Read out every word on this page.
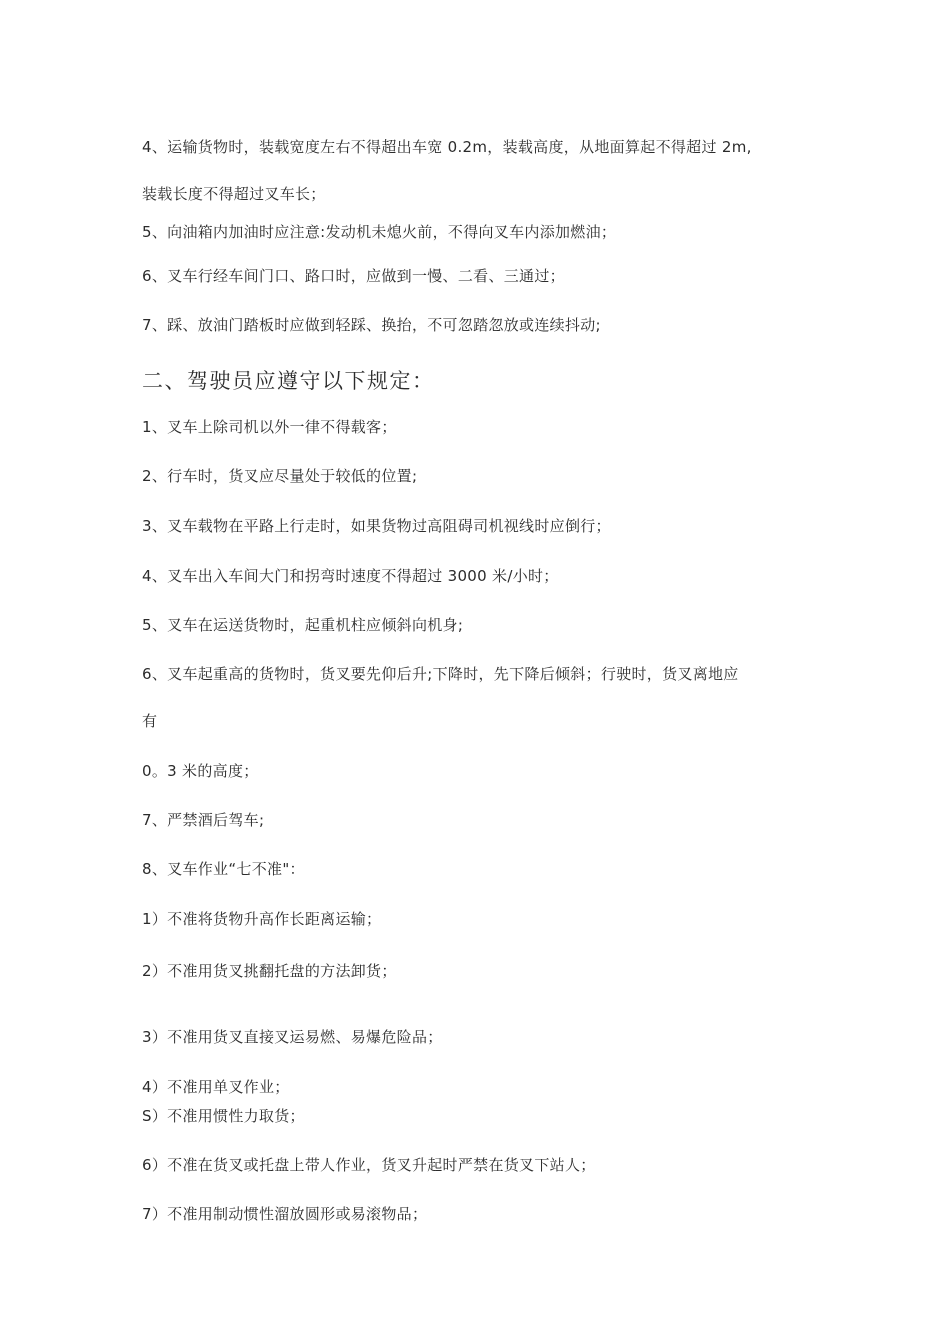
4、运输货物时，装载宽度左右不得超出车宽 0.2m，装载高度，从地面算起不得超过 2m,
装载长度不得超过叉车长；
5、向油箱内加油时应注意:发动机未熄火前，不得向叉车内添加燃油；
6、叉车行经车间门口、路口时，应做到一慢、二看、三通过；
7、踩、放油门踏板时应做到轻踩、换抬，不可忽踏忽放或连续抖动;
二、驾驶员应遵守以下规定：
1、叉车上除司机以外一律不得载客；
2、行车时，货叉应尽量处于较低的位置;
3、叉车载物在平路上行走时，如果货物过高阻碍司机视线时应倒行；
4、叉车出入车间大门和拐弯时速度不得超过 3000 米/小时；
5、叉车在运送货物时，起重机柱应倾斜向机身;
6、叉车起重高的货物时，货叉要先仰后升;下降时，先下降后倾斜；行驶时，货叉离地应
有
0。3 米的高度；
7、严禁酒后驾车;
8、叉车作业“七不准"：
1）不准将货物升高作长距离运输；
2）不准用货叉挑翻托盘的方法卸货；
3）不准用货叉直接叉运易燃、易爆危险品；
4）不准用单叉作业；
S）不准用惯性力取货；
6）不准在货叉或托盘上带人作业，货叉升起时严禁在货叉下站人；
7）不准用制动惯性溜放圆形或易滚物品；
